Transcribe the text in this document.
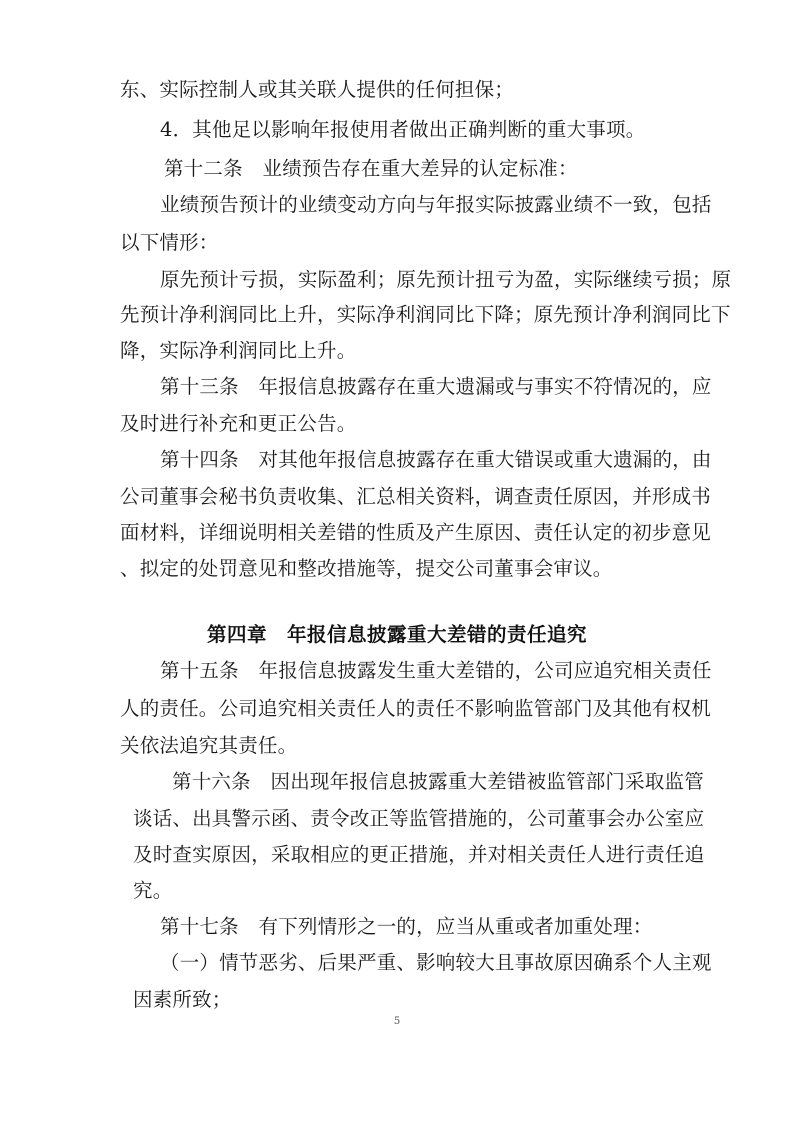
东、实际控制人或其关联人提供的任何担保；
4．其他足以影响年报使用者做出正确判断的重大事项。
第十二条　业绩预告存在重大差异的认定标准：
业绩预告预计的业绩变动方向与年报实际披露业绩不一致，包括
以下情形：
原先预计亏损，实际盈利；原先预计扭亏为盈，实际继续亏损；原
先预计净利润同比上升，实际净利润同比下降；原先预计净利润同比下
降，实际净利润同比上升。
第十三条　年报信息披露存在重大遗漏或与事实不符情况的，应
及时进行补充和更正公告。
第十四条　对其他年报信息披露存在重大错误或重大遗漏的，由
公司董事会秘书负责收集、汇总相关资料，调查责任原因，并形成书
面材料，详细说明相关差错的性质及产生原因、责任认定的初步意见
、拟定的处罚意见和整改措施等，提交公司董事会审议。
第四章　年报信息披露重大差错的责任追究
第十五条　年报信息披露发生重大差错的，公司应追究相关责任
人的责任。公司追究相关责任人的责任不影响监管部门及其他有权机
关依法追究其责任。
第十六条　因出现年报信息披露重大差错被监管部门采取监管
谈话、出具警示函、责令改正等监管措施的，公司董事会办公室应
及时查实原因，采取相应的更正措施，并对相关责任人进行责任追
究。
第十七条　有下列情形之一的，应当从重或者加重处理：
（一）情节恶劣、后果严重、影响较大且事故原因确系个人主观
因素所致；
5
